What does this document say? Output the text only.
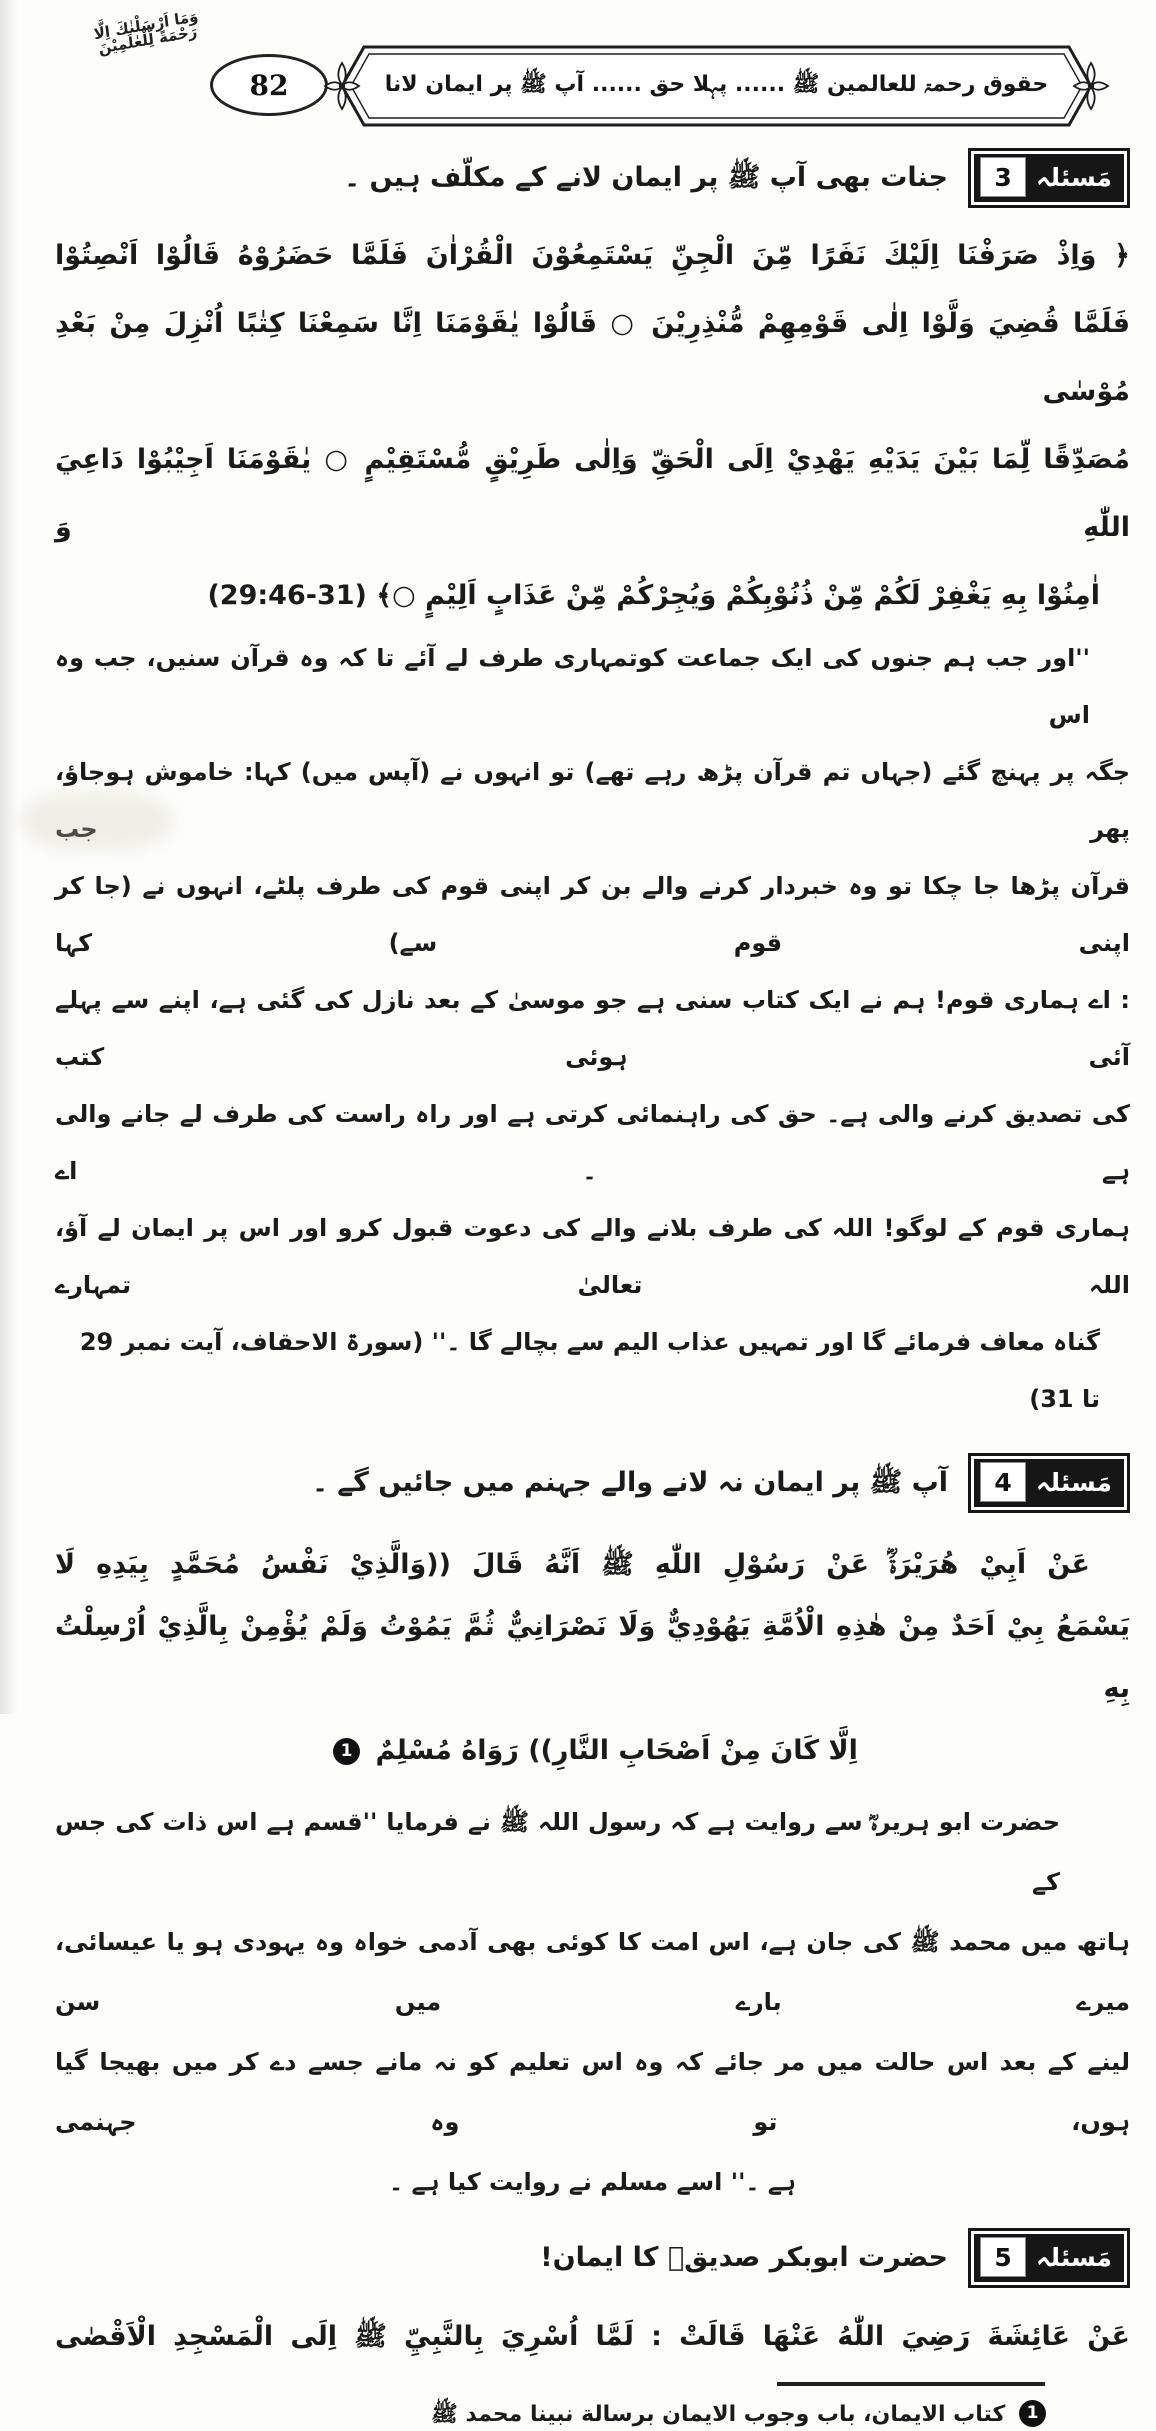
وَمَا اَرْسَلْنٰكَ اِلَّا رَحْمَةً لِّلْعٰلَمِيْنَ
82	حقوق رحمۃ للعالمین ﷺ ...... پہلا حق ...... آپ ﷺ پر ایمان لانا
مَسئلہ
3
جنات بھی آپ ﷺ پر ایمان لانے کے مکلّف ہیں ۔
﴿ وَاِذْ صَرَفْنَا اِلَيْكَ نَفَرًا مِّنَ الْجِنِّ يَسْتَمِعُوْنَ الْقُرْاٰنَ فَلَمَّا حَضَرُوْهُ قَالُوْا اَنْصِتُوْا
فَلَمَّا قُضِيَ وَلَّوْا اِلٰى قَوْمِهِمْ مُّنْذِرِيْنَ ○ قَالُوْا يٰقَوْمَنَا اِنَّا سَمِعْنَا كِتٰبًا اُنْزِلَ مِنْ بَعْدِ مُوْسٰى
مُصَدِّقًا لِّمَا بَيْنَ يَدَيْهِ يَهْدِيْ اِلَى الْحَقِّ وَاِلٰى طَرِيْقٍ مُّسْتَقِيْمٍ ○ يٰقَوْمَنَا اَجِيْبُوْا دَاعِيَ اللّٰهِ وَ
اٰمِنُوْا بِهِ يَغْفِرْ لَكُمْ مِّنْ ذُنُوْبِكُمْ وَيُجِرْكُمْ مِّنْ عَذَابٍ اَلِيْمٍ ○﴾ (31-29:46)
''اور جب ہم جنوں کی ایک جماعت کوتمہاری طرف لے آئے تا کہ وہ قرآن سنیں، جب وہ اس
جگہ پر پہنچ گئے (جہاں تم قرآن پڑھ رہے تھے) تو انہوں نے (آپس میں) کہا: خاموش ہوجاؤ، پھر جب
قرآن پڑھا جا چکا تو وہ خبردار کرنے والے بن کر اپنی قوم کی طرف پلٹے، انہوں نے (جا کر اپنی قوم سے) کہا
: اے ہماری قوم! ہم نے ایک کتاب سنی ہے جو موسیٰ کے بعد نازل کی گئی ہے، اپنے سے پہلے آئی ہوئی کتب
کی تصدیق کرنے والی ہے۔ حق کی راہنمائی کرتی ہے اور راہ راست کی طرف لے جانے والی ہے ۔ اے
ہماری قوم کے لوگو! اللہ کی طرف بلانے والے کی دعوت قبول کرو اور اس پر ایمان لے آؤ، اللہ تعالیٰ تمہارے
گناہ معاف فرمائے گا اور تمہیں عذاب الیم سے بچالے گا ۔'' (سورۃ الاحقاف، آیت نمبر 29 تا 31)
مَسئلہ
4
آپ ﷺ پر ایمان نہ لانے والے جہنم میں جائیں گے ۔
عَنْ اَبِيْ هُرَيْرَةَؓ عَنْ رَسُوْلِ اللّٰهِ ﷺ اَنَّهُ قَالَ ((وَالَّذِيْ نَفْسُ مُحَمَّدٍ بِيَدِهِ لَا
يَسْمَعُ بِيْ اَحَدٌ مِنْ هٰذِهِ الْاُمَّةِ يَهُوْدِيٌّ وَلَا نَصْرَانِيٌّ ثُمَّ يَمُوْتُ وَلَمْ يُؤْمِنْ بِالَّذِيْ اُرْسِلْتُ بِهِ
اِلَّا كَانَ مِنْ اَصْحَابِ النَّارِ)) رَوَاهُ مُسْلِمٌ 1
حضرت ابو ہریرہؓ سے روایت ہے کہ رسول اللہ ﷺ نے فرمایا ''قسم ہے اس ذات کی جس کے
ہاتھ میں محمد ﷺ کی جان ہے، اس امت کا کوئی بھی آدمی خواہ وہ یہودی ہو یا عیسائی، میرے بارے میں سن
لینے کے بعد اس حالت میں مر جائے کہ وہ اس تعلیم کو نہ مانے جسے دے کر میں بھیجا گیا ہوں، تو وہ جہنمی
ہے ۔'' اسے مسلم نے روایت کیا ہے ۔
مَسئلہ
5
حضرت ابوبکر صدیقؓ کا ایمان!
عَنْ عَائِشَةَ رَضِيَ اللّٰهُ عَنْهَا قَالَتْ : لَمَّا اُسْرِيَ بِالنَّبِيِّ ﷺ اِلَى الْمَسْجِدِ الْاَقْصٰى
1 كتاب الايمان، باب وجوب الايمان برسالة نبينا محمد ﷺ
